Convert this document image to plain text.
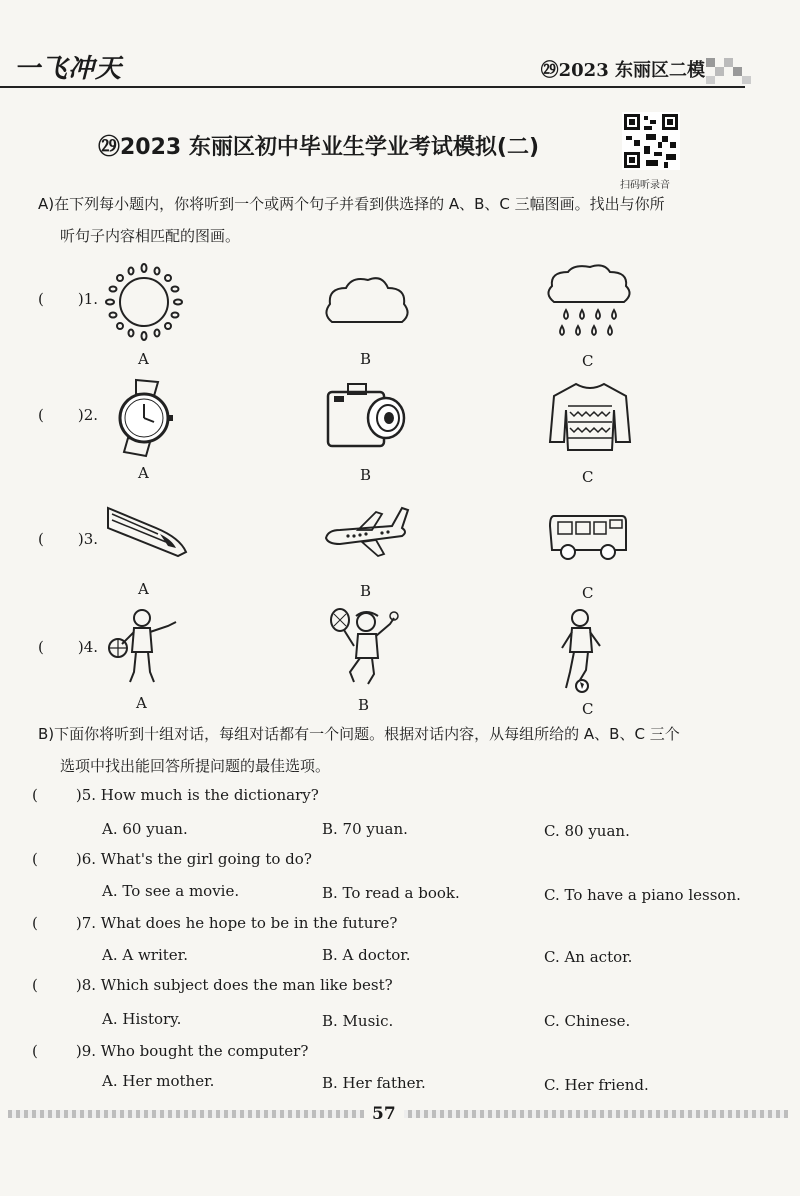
一飞冲天	㉙2023 东丽区二模
㉙2023 东丽区初中毕业生学业考试模拟(二)
扫码听录音
A)在下列每小题内，你将听到一个或两个句子并看到供选择的 A、B、C 三幅图画。找出与你所
听句子内容相匹配的图画。
( )1.
A	B	C
( )2.
A	B	C
( )3.
A	B	C
( )4.
A	B	C
B)下面你将听到十组对话，每组对话都有一个问题。根据对话内容，从每组所给的 A、B、C 三个
选项中找出能回答所提问题的最佳选项。
(	)5. How much is the dictionary?
A. 60 yuan.	B. 70 yuan.	C. 80 yuan.
(	)6. What's the girl going to do?
A. To see a movie.	B. To read a book.	C. To have a piano lesson.
(	)7. What does he hope to be in the future?
A. A writer.	B. A doctor.	C. An actor.
(	)8. Which subject does the man like best?
A. History.	B. Music.	C. Chinese.
(	)9. Who bought the computer?
A. Her mother.	B. Her father.	C. Her friend.
57
